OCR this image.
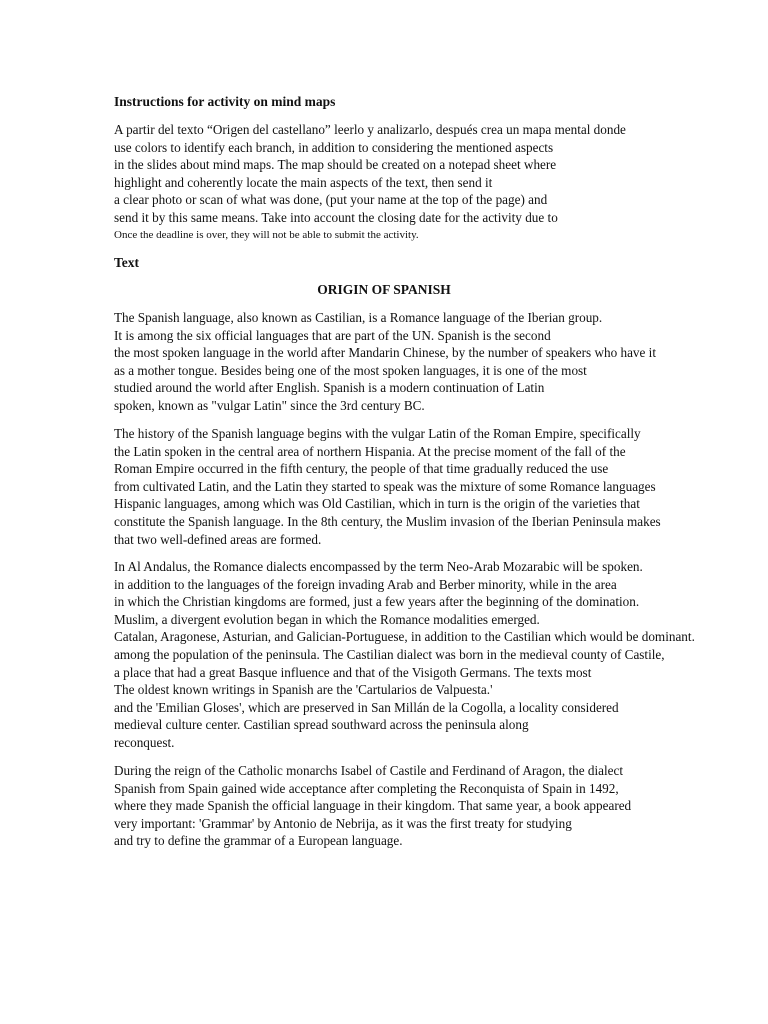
Instructions for activity on mind maps

A partir del texto “Origen del castellano” leerlo y analizarlo, después crea un mapa mental donde
use colors to identify each branch, in addition to considering the mentioned aspects
in the slides about mind maps. The map should be created on a notepad sheet where
highlight and coherently locate the main aspects of the text, then send it
a clear photo or scan of what was done, (put your name at the top of the page) and
send it by this same means. Take into account the closing date for the activity due to
Once the deadline is over, they will not be able to submit the activity.

Text

ORIGIN OF SPANISH

The Spanish language, also known as Castilian, is a Romance language of the Iberian group.
It is among the six official languages that are part of the UN. Spanish is the second
the most spoken language in the world after Mandarin Chinese, by the number of speakers who have it
as a mother tongue. Besides being one of the most spoken languages, it is one of the most
studied around the world after English. Spanish is a modern continuation of Latin
spoken, known as "vulgar Latin" since the 3rd century BC.
The history of the Spanish language begins with the vulgar Latin of the Roman Empire, specifically
the Latin spoken in the central area of northern Hispania. At the precise moment of the fall of the
Roman Empire occurred in the fifth century, the people of that time gradually reduced the use
from cultivated Latin, and the Latin they started to speak was the mixture of some Romance languages
Hispanic languages, among which was Old Castilian, which in turn is the origin of the varieties that
constitute the Spanish language. In the 8th century, the Muslim invasion of the Iberian Peninsula makes
that two well-defined areas are formed.
In Al Andalus, the Romance dialects encompassed by the term Neo-Arab Mozarabic will be spoken.
in addition to the languages of the foreign invading Arab and Berber minority, while in the area
in which the Christian kingdoms are formed, just a few years after the beginning of the domination.
Muslim, a divergent evolution began in which the Romance modalities emerged.
Catalan, Aragonese, Asturian, and Galician-Portuguese, in addition to the Castilian which would be dominant.
among the population of the peninsula. The Castilian dialect was born in the medieval county of Castile,
a place that had a great Basque influence and that of the Visigoth Germans. The texts most
The oldest known writings in Spanish are the 'Cartularios de Valpuesta.'
and the 'Emilian Gloses', which are preserved in San Millán de la Cogolla, a locality considered
medieval culture center. Castilian spread southward across the peninsula along
reconquest.
During the reign of the Catholic monarchs Isabel of Castile and Ferdinand of Aragon, the dialect
Spanish from Spain gained wide acceptance after completing the Reconquista of Spain in 1492,
where they made Spanish the official language in their kingdom. That same year, a book appeared
very important: 'Grammar' by Antonio de Nebrija, as it was the first treaty for studying
and try to define the grammar of a European language.
